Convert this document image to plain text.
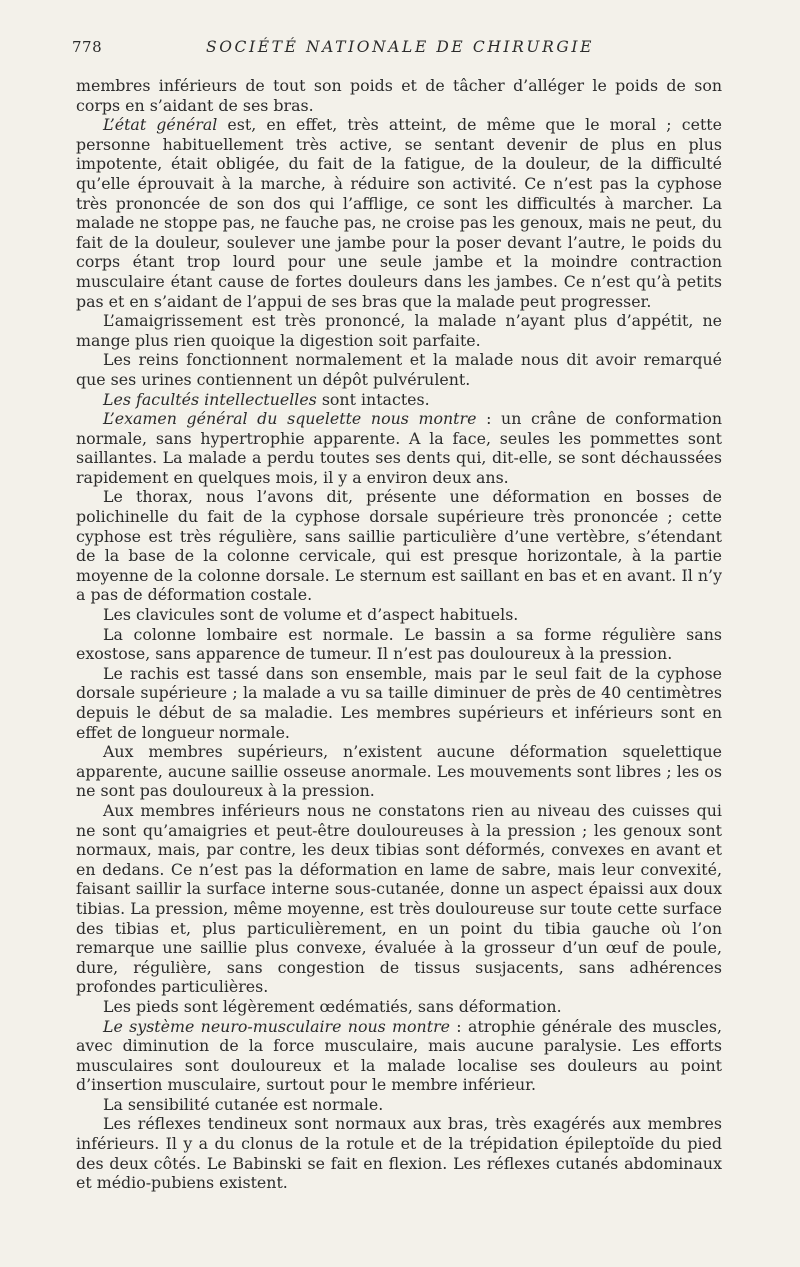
778	SOCIÉTÉ NATIONALE DE CHIRURGIE

membres inférieurs de tout son poids et de tâcher d’alléger le poids de son corps en s’aidant de ses bras.

L’état général est, en effet, très atteint, de même que le moral ; cette personne habituellement très active, se sentant devenir de plus en plus impotente, était obligée, du fait de la fatigue, de la douleur, de la difficulté qu’elle éprouvait à la marche, à réduire son activité. Ce n’est pas la cyphose très prononcée de son dos qui l’afflige, ce sont les difficultés à marcher. La malade ne stoppe pas, ne fauche pas, ne croise pas les genoux, mais ne peut, du fait de la douleur, soulever une jambe pour la poser devant l’autre, le poids du corps étant trop lourd pour une seule jambe et la moindre contraction musculaire étant cause de fortes douleurs dans les jambes. Ce n’est qu’à petits pas et en s’aidant de l’appui de ses bras que la malade peut progresser.

L’amaigrissement est très prononcé, la malade n’ayant plus d’appétit, ne mange plus rien quoique la digestion soit parfaite.

Les reins fonctionnent normalement et la malade nous dit avoir remarqué que ses urines contiennent un dépôt pulvérulent.

Les facultés intellectuelles sont intactes.

L’examen général du squelette nous montre : un crâne de conformation normale, sans hypertrophie apparente. A la face, seules les pommettes sont saillantes. La malade a perdu toutes ses dents qui, dit-elle, se sont déchaussées rapidement en quelques mois, il y a environ deux ans.

Le thorax, nous l’avons dit, présente une déformation en bosses de polichinelle du fait de la cyphose dorsale supérieure très prononcée ; cette cyphose est très régulière, sans saillie particulière d’une vertèbre, s’étendant de la base de la colonne cervicale, qui est presque horizontale, à la partie moyenne de la colonne dorsale. Le sternum est saillant en bas et en avant. Il n’y a pas de déformation costale.

Les clavicules sont de volume et d’aspect habituels.

La colonne lombaire est normale. Le bassin a sa forme régulière sans exostose, sans apparence de tumeur. Il n’est pas douloureux à la pression.

Le rachis est tassé dans son ensemble, mais par le seul fait de la cyphose dorsale supérieure ; la malade a vu sa taille diminuer de près de 40 centimètres depuis le début de sa maladie. Les membres supérieurs et inférieurs sont en effet de longueur normale.

Aux membres supérieurs, n’existent aucune déformation squelettique apparente, aucune saillie osseuse anormale. Les mouvements sont libres ; les os ne sont pas douloureux à la pression.

Aux membres inférieurs nous ne constatons rien au niveau des cuisses qui ne sont qu’amaigries et peut-être douloureuses à la pression ; les genoux sont normaux, mais, par contre, les deux tibias sont déformés, convexes en avant et en dedans. Ce n’est pas la déformation en lame de sabre, mais leur convexité, faisant saillir la surface interne sous-cutanée, donne un aspect épaissi aux doux tibias. La pression, même moyenne, est très douloureuse sur toute cette surface des tibias et, plus particulièrement, en un point du tibia gauche où l’on remarque une saillie plus convexe, évaluée à la grosseur d’un œuf de poule, dure, régulière, sans congestion de tissus susjacents, sans adhérences profondes particulières.

Les pieds sont légèrement œdématiés, sans déformation.

Le système neuro-musculaire nous montre : atrophie générale des muscles, avec diminution de la force musculaire, mais aucune paralysie. Les efforts musculaires sont douloureux et la malade localise ses douleurs au point d’insertion musculaire, surtout pour le membre inférieur.

La sensibilité cutanée est normale.

Les réflexes tendineux sont normaux aux bras, très exagérés aux membres inférieurs. Il y a du clonus de la rotule et de la trépidation épileptoïde du pied des deux côtés. Le Babinski se fait en flexion. Les réflexes cutanés abdominaux et médio-pubiens existent.
